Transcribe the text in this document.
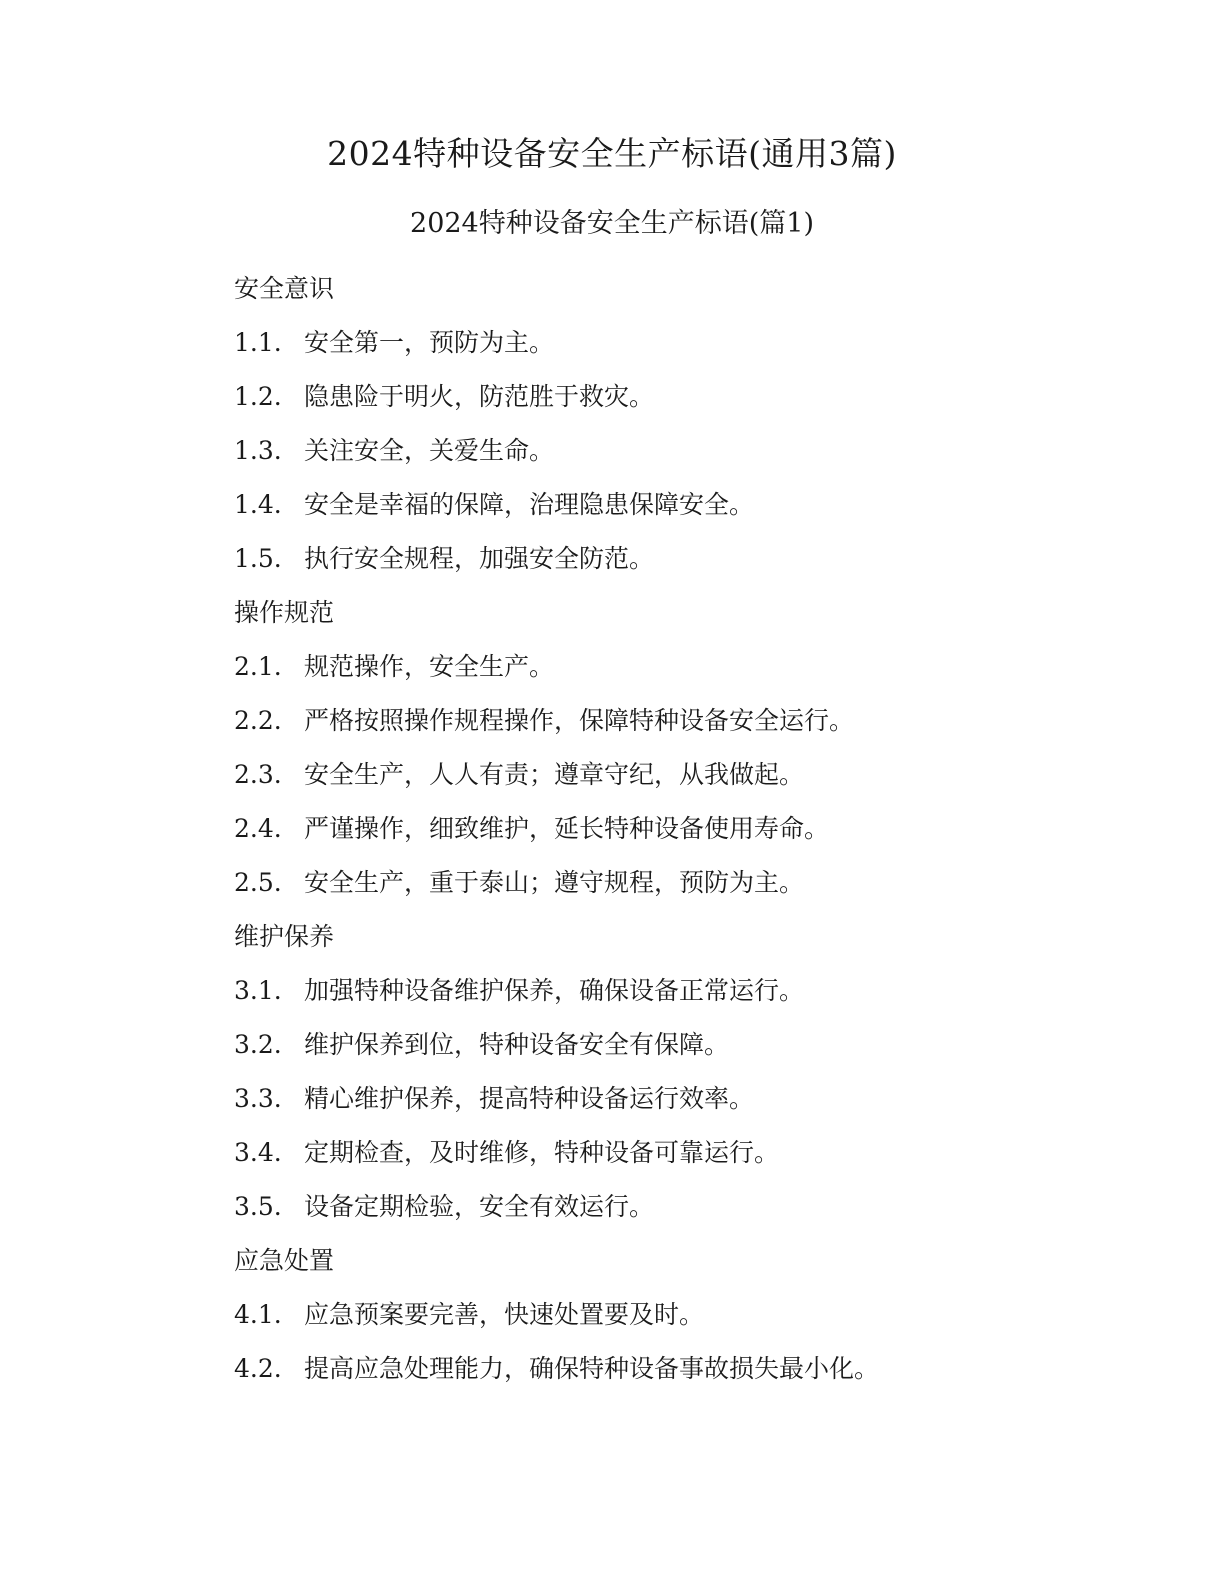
2024特种设备安全生产标语(通用3篇)
2024特种设备安全生产标语(篇1)
安全意识
1.1. 安全第一，预防为主。
1.2. 隐患险于明火，防范胜于救灾。
1.3. 关注安全，关爱生命。
1.4. 安全是幸福的保障，治理隐患保障安全。
1.5. 执行安全规程，加强安全防范。
操作规范
2.1. 规范操作，安全生产。
2.2. 严格按照操作规程操作，保障特种设备安全运行。
2.3. 安全生产，人人有责；遵章守纪，从我做起。
2.4. 严谨操作，细致维护，延长特种设备使用寿命。
2.5. 安全生产，重于泰山；遵守规程，预防为主。
维护保养
3.1. 加强特种设备维护保养，确保设备正常运行。
3.2. 维护保养到位，特种设备安全有保障。
3.3. 精心维护保养，提高特种设备运行效率。
3.4. 定期检查，及时维修，特种设备可靠运行。
3.5. 设备定期检验，安全有效运行。
应急处置
4.1. 应急预案要完善，快速处置要及时。
4.2. 提高应急处理能力，确保特种设备事故损失最小化。
